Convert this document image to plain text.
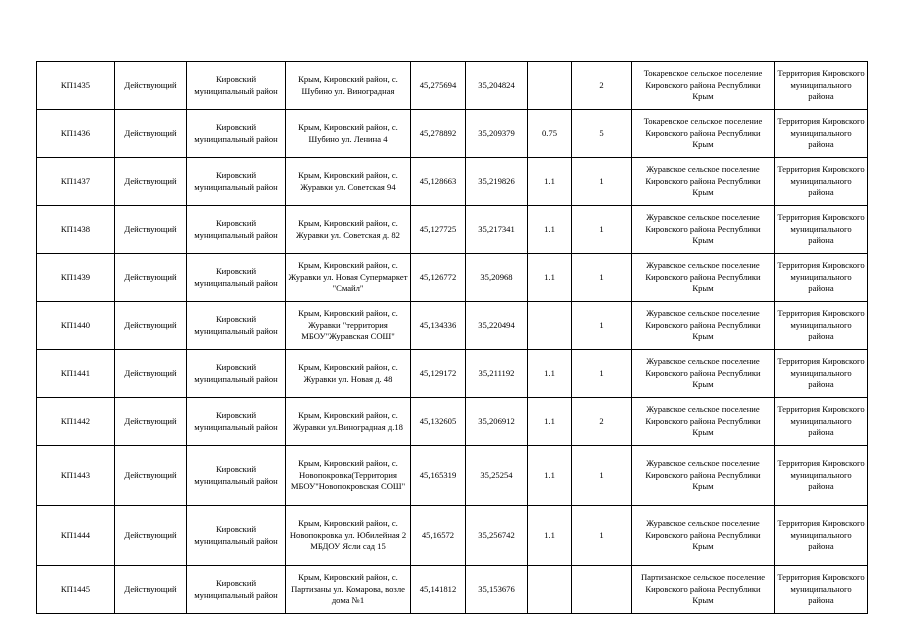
КП1435	Действующий	Кировский муниципальный район	Крым, Кировский район, с. Шубино ул. Виноградная	45,275694	35,204824		2	Токаревское сельское поселение Кировского района Республики Крым	Территория Кировского муниципального района
КП1436	Действующий	Кировский муниципальный район	Крым, Кировский район, с. Шубино ул. Ленина 4	45,278892	35,209379	0.75	5	Токаревское сельское поселение Кировского района Республики Крым	Территория Кировского муниципального района
КП1437	Действующий	Кировский муниципальный район	Крым, Кировский район, с. Журавки ул. Советская 94	45,128663	35,219826	1.1	1	Журавское сельское поселение Кировского района Республики Крым	Территория Кировского муниципального района
КП1438	Действующий	Кировский муниципальный район	Крым, Кировский район, с. Журавки ул. Советская д. 82	45,127725	35,217341	1.1	1	Журавское сельское поселение Кировского района Республики Крым	Территория Кировского муниципального района
КП1439	Действующий	Кировский муниципальный район	Крым, Кировский район, с. Журавки ул. Новая Супермаркет "Смайл"	45,126772	35,20968	1.1	1	Журавское сельское поселение Кировского района Республики Крым	Территория Кировского муниципального района
КП1440	Действующий	Кировский муниципальный район	Крым, Кировский район, с. Журавки "территория МБОУ"Журавская СОШ"	45,134336	35,220494		1	Журавское сельское поселение Кировского района Республики Крым	Территория Кировского муниципального района
КП1441	Действующий	Кировский муниципальный район	Крым, Кировский район, с. Журавки ул. Новая д. 48	45,129172	35,211192	1.1	1	Журавское сельское поселение Кировского района Республики Крым	Территория Кировского муниципального района
КП1442	Действующий	Кировский муниципальный район	Крым, Кировский район, с. Журавки ул.Виноградная д.18	45,132605	35,206912	1.1	2	Журавское сельское поселение Кировского района Республики Крым	Территория Кировского муниципального района
КП1443	Действующий	Кировский муниципальный район	Крым, Кировский район, с. Новопокровка(Территория МБОУ"Новопокровская СОШ"	45,165319	35,25254	1.1	1	Журавское сельское поселение Кировского района Республики Крым	Территория Кировского муниципального района
КП1444	Действующий	Кировский муниципальный район	Крым, Кировский район, с. Новопокровка ул. Юбилейная 2 МБДОУ Ясли сад 15	45,16572	35,256742	1.1	1	Журавское сельское поселение Кировского района Республики Крым	Территория Кировского муниципального района
КП1445	Действующий	Кировский муниципальный район	Крым, Кировский район, с. Партизаны ул. Комарова, возле дома №1	45,141812	35,153676			Партизанское сельское поселение Кировского района Республики Крым	Территория Кировского муниципального района
